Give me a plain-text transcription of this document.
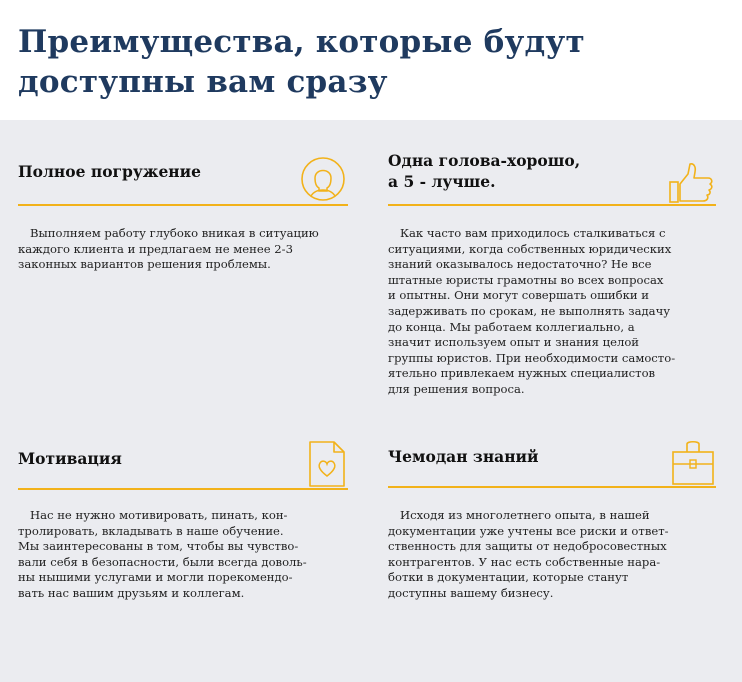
Преимущества, которые будут доступны вам сразу
Полное погружение

Выполняем работу глубоко вникая в ситуацию
каждого клиента и предлагаем не менее 2-3
законных вариантов решения проблемы.

Одна голова-хорошо,
а 5 - лучше.

Как часто вам приходилось сталкиваться с
ситуациями, когда собственных юридических
знаний оказывалось недостаточно? Не все
штатные юристы грамотны во всех вопросах
и опытны. Они могут совершать ошибки и
задерживать по срокам, не выполнять задачу
до конца. Мы работаем коллегиально, а
значит используем опыт и знания целой
группы юристов. При необходимости самосто-
ятельно привлекаем нужных специалистов
для решения вопроса.

Мотивация

Нас не нужно мотивировать, пинать, кон-
тролировать, вкладывать в наше обучение.
Мы заинтересованы в том, чтобы вы чувство-
вали себя в безопасности, были всегда доволь-
ны нышими услугами и могли порекомендо-
вать нас вашим друзьям и коллегам.

Чемодан знаний

Исходя из многолетнего опыта, в нашей
документации уже учтены все риски и ответ-
ственность для защиты от недобросовестных
контрагентов. У нас есть собственные нара-
ботки в документации, которые станут
доступны вашему бизнесу.
